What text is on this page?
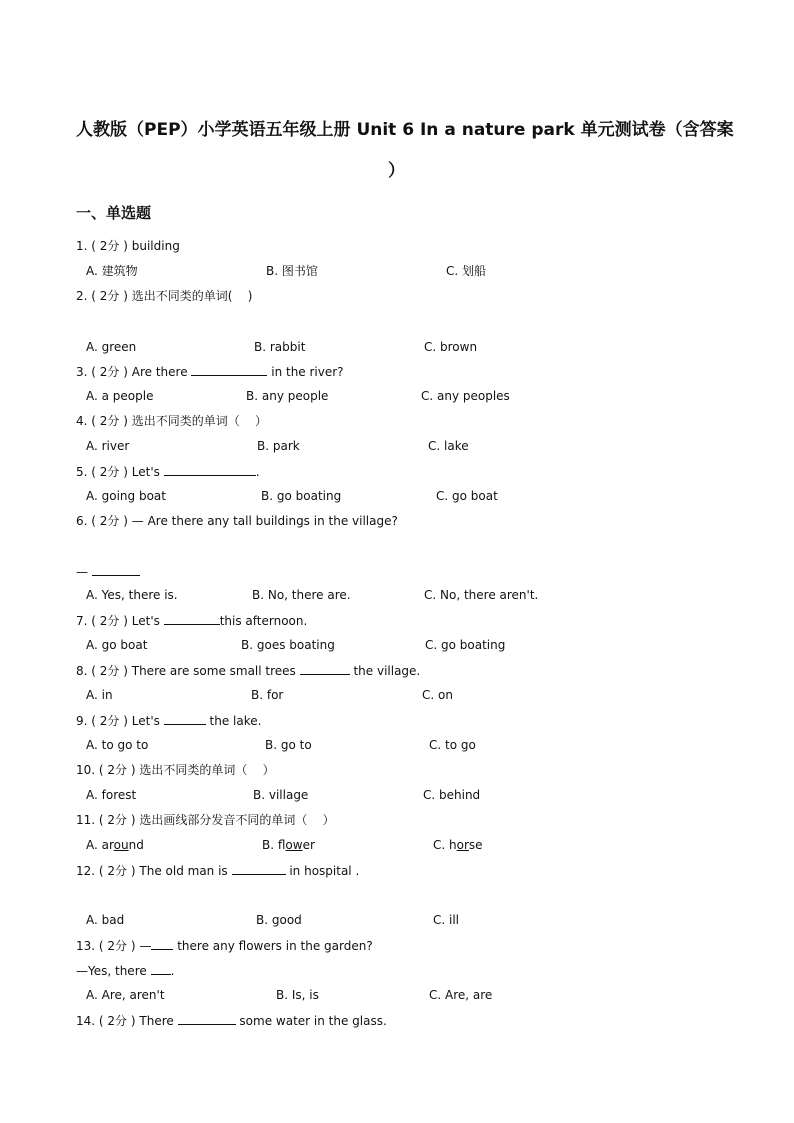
人教版（PEP）小学英语五年级上册 Unit 6 In a nature park 单元测试卷（含答案
）
一、单选题
1. ( 2分 ) building
A. 建筑物	B. 图书馆	C. 划船
2. ( 2分 ) 选出不同类的单词(    )
A. green	B. rabbit	C. brown
3. ( 2分 ) Are there	in the river?
A. a people	B. any people	C. any peoples
4. ( 2分 ) 选出不同类的单词（    ）
A. river	B. park	C. lake
5. ( 2分 ) Let's	.
A. going boat	B. go boating	C. go boat
6. ( 2分 ) — Are there any tall buildings in the village?
—
A. Yes, there is.	B. No, there are.	C. No, there aren't.
7. ( 2分 ) Let's	this afternoon.
A. go boat	B. goes boating	C. go boating
8. ( 2分 ) There are some small trees	the village.
A. in	B. for	C. on
9. ( 2分 ) Let's	the lake.
A. to go to	B. go to	C. to go
10. ( 2分 ) 选出不同类的单词（    ）
A. forest	B. village	C. behind
11. ( 2分 ) 选出画线部分发音不同的单词（    ）
A. around	B. flower	C. horse
12. ( 2分 ) The old man is	in hospital .
A. bad	B. good	C. ill
13. ( 2分 ) — there any flowers in the garden?
—Yes, there .
A. Are, aren't	B. Is, is	C. Are, are
14. ( 2分 ) There	some water in the glass.
